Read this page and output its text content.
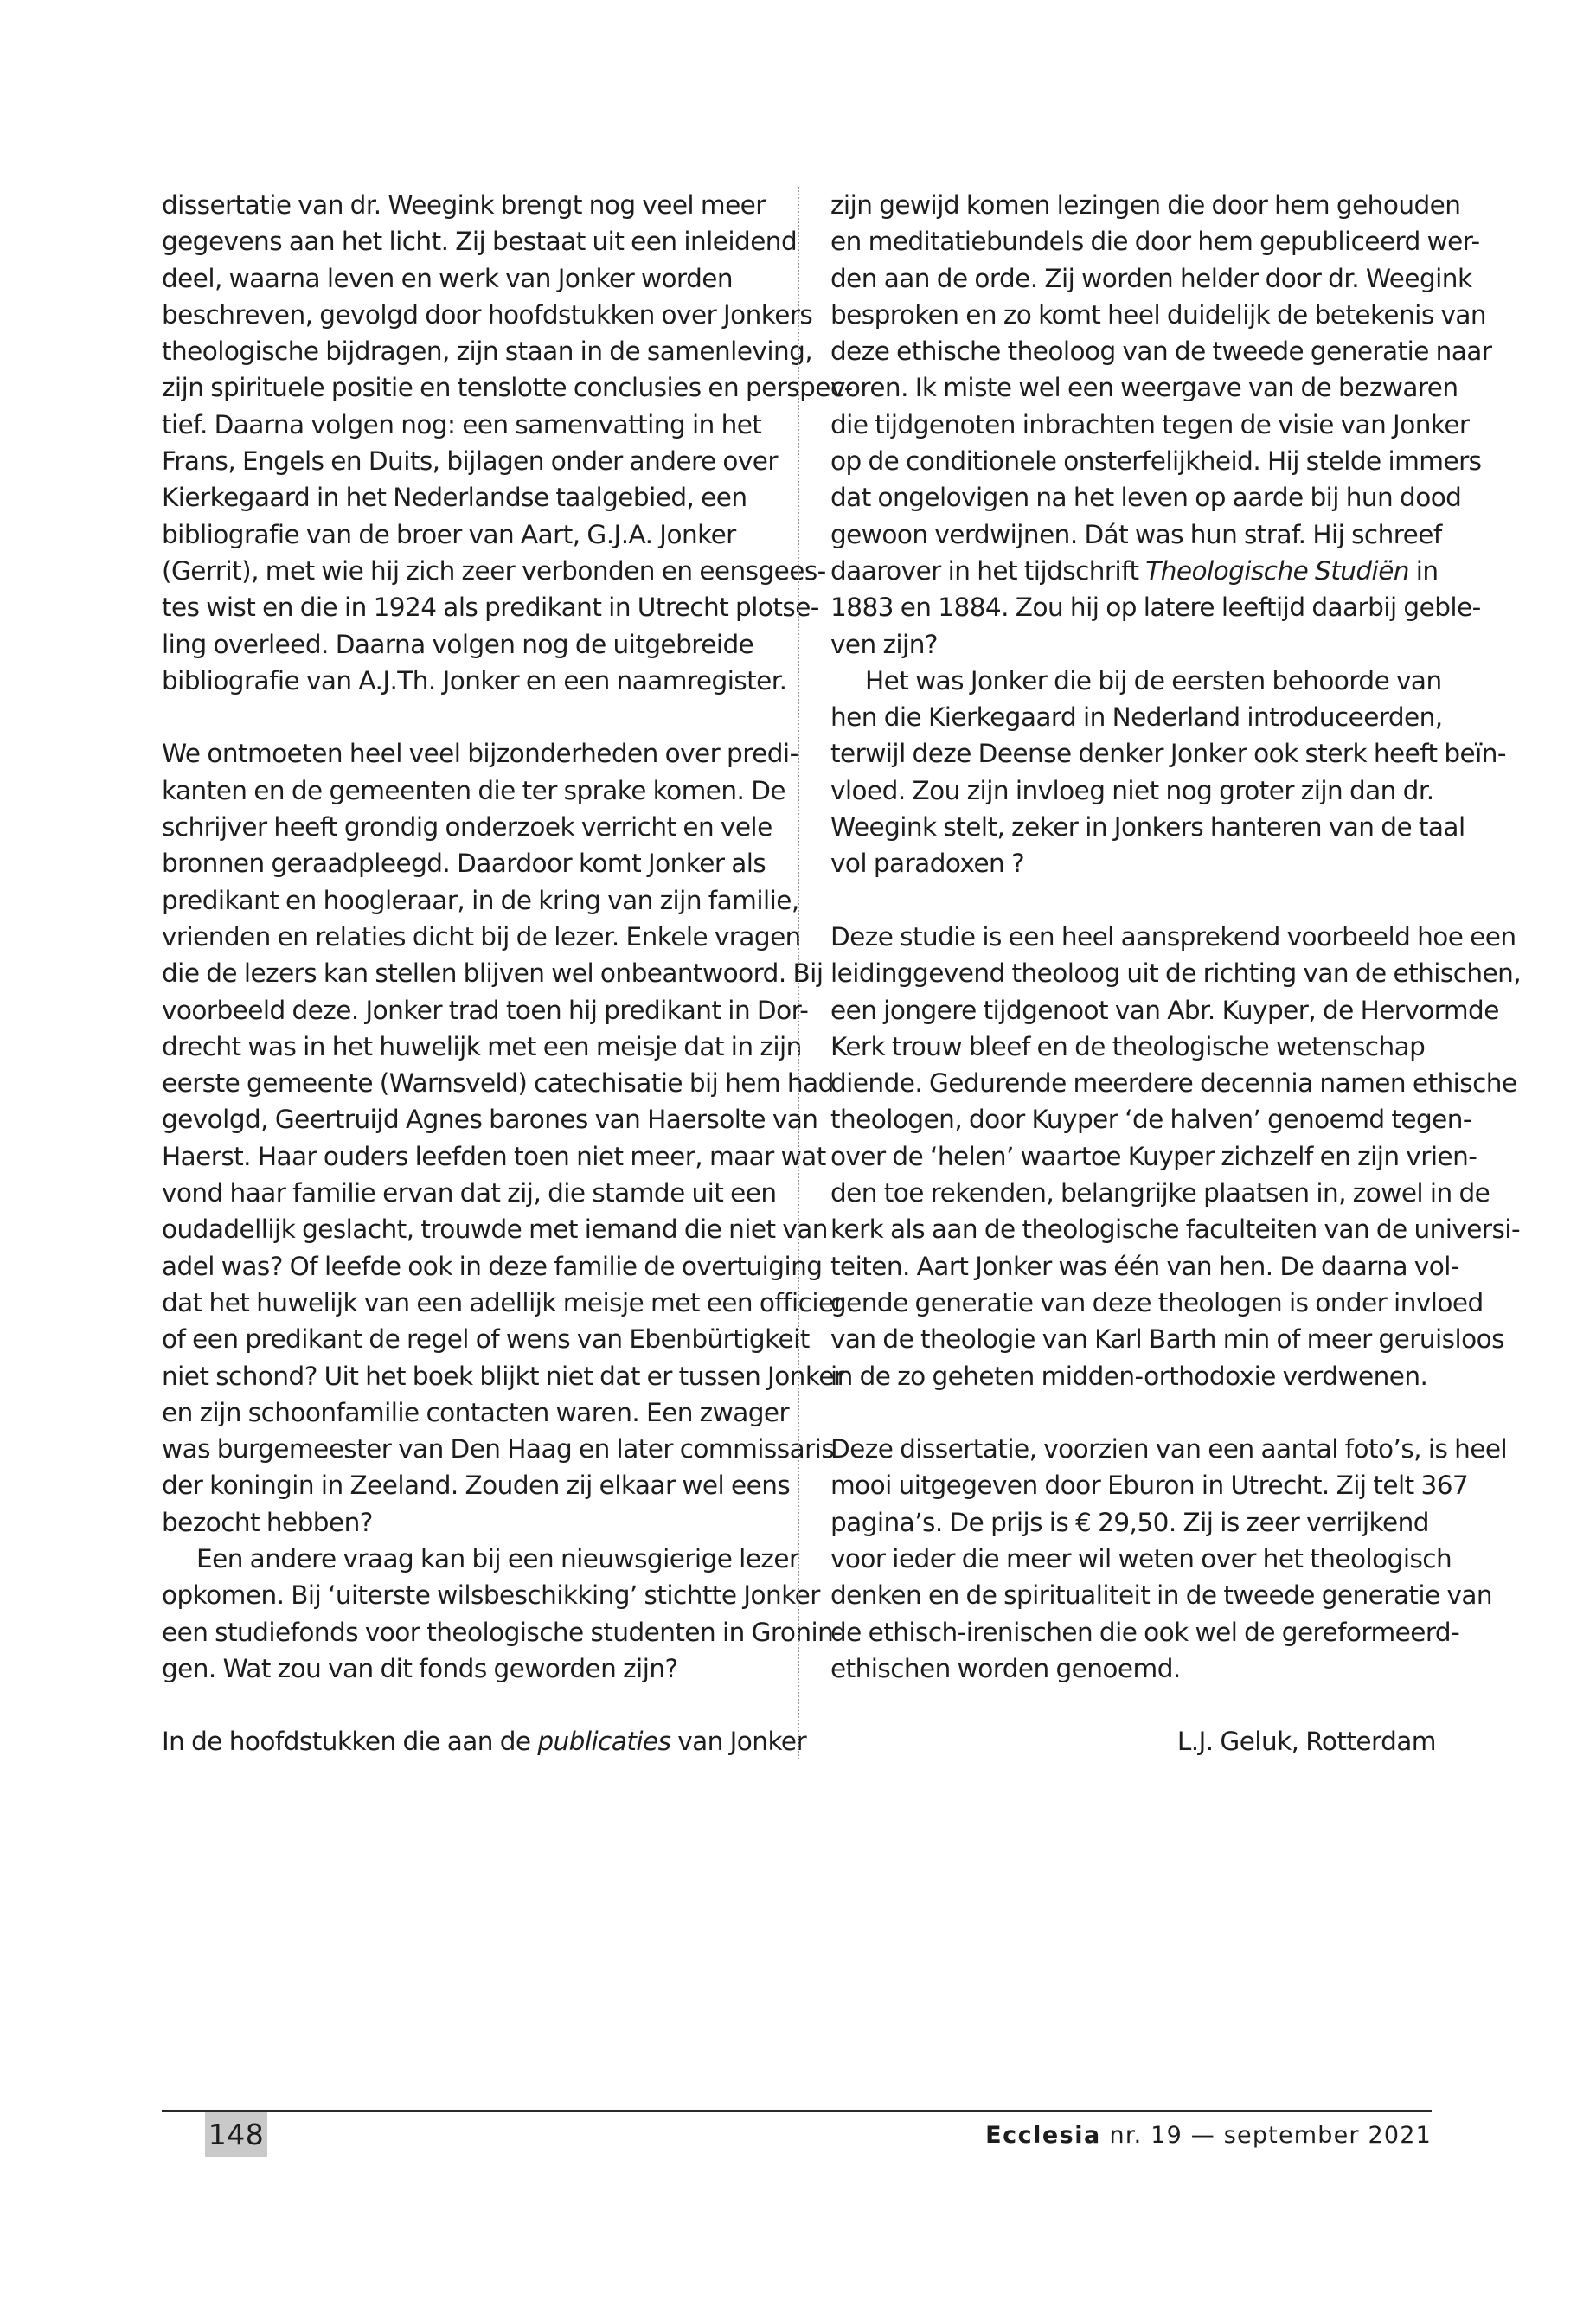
dissertatie van dr. Weegink brengt nog veel meer
gegevens aan het licht. Zij bestaat uit een inleidend
deel, waarna leven en werk van Jonker worden
beschreven, gevolgd door hoofdstukken over Jonkers
theologische bijdragen, zijn staan in de samenleving,
zijn spirituele positie en tenslotte conclusies en perspec-
tief. Daarna volgen nog: een samenvatting in het
Frans, Engels en Duits, bijlagen onder andere over
Kierkegaard in het Nederlandse taalgebied, een
bibliografie van de broer van Aart, G.J.A. Jonker
(Gerrit), met wie hij zich zeer verbonden en eensgees-
tes wist en die in 1924 als predikant in Utrecht plotse-
ling overleed. Daarna volgen nog de uitgebreide
bibliografie van A.J.Th. Jonker en een naamregister.
We ontmoeten heel veel bijzonderheden over predi-
kanten en de gemeenten die ter sprake komen. De
schrijver heeft grondig onderzoek verricht en vele
bronnen geraadpleegd. Daardoor komt Jonker als
predikant en hoogleraar, in de kring van zijn familie,
vrienden en relaties dicht bij de lezer. Enkele vragen
die de lezers kan stellen blijven wel onbeantwoord. Bij
voorbeeld deze. Jonker trad toen hij predikant in Dor-
drecht was in het huwelijk met een meisje dat in zijn
eerste gemeente (Warnsveld) catechisatie bij hem had
gevolgd, Geertruijd Agnes barones van Haersolte van
Haerst. Haar ouders leefden toen niet meer, maar wat
vond haar familie ervan dat zij, die stamde uit een
oudadellijk geslacht, trouwde met iemand die niet van
adel was? Of leefde ook in deze familie de overtuiging
dat het huwelijk van een adellijk meisje met een officier
of een predikant de regel of wens van Ebenbürtigkeit
niet schond? Uit het boek blijkt niet dat er tussen Jonker
en zijn schoonfamilie contacten waren. Een zwager
was burgemeester van Den Haag en later commissaris
der koningin in Zeeland. Zouden zij elkaar wel eens
bezocht hebben?
Een andere vraag kan bij een nieuwsgierige lezer
opkomen. Bij ‘uiterste wilsbeschikking’ stichtte Jonker
een studiefonds voor theologische studenten in Gronin-
gen. Wat zou van dit fonds geworden zijn?
In de hoofdstukken die aan de publicaties van Jonker
zijn gewijd komen lezingen die door hem gehouden
en meditatiebundels die door hem gepubliceerd wer-
den aan de orde. Zij worden helder door dr. Weegink
besproken en zo komt heel duidelijk de betekenis van
deze ethische theoloog van de tweede generatie naar
voren. Ik miste wel een weergave van de bezwaren
die tijdgenoten inbrachten tegen de visie van Jonker
op de conditionele onsterfelijkheid. Hij stelde immers
dat ongelovigen na het leven op aarde bij hun dood
gewoon verdwijnen. Dát was hun straf. Hij schreef
daarover in het tijdschrift Theologische Studiën in
1883 en 1884. Zou hij op latere leeftijd daarbij geble-
ven zijn?
Het was Jonker die bij de eersten behoorde van
hen die Kierkegaard in Nederland introduceerden,
terwijl deze Deense denker Jonker ook sterk heeft beïn-
vloed. Zou zijn invloeg niet nog groter zijn dan dr.
Weegink stelt, zeker in Jonkers hanteren van de taal
vol paradoxen ?
Deze studie is een heel aansprekend voorbeeld hoe een
leidinggevend theoloog uit de richting van de ethischen,
een jongere tijdgenoot van Abr. Kuyper, de Hervormde
Kerk trouw bleef en de theologische wetenschap
diende. Gedurende meerdere decennia namen ethische
theologen, door Kuyper ‘de halven’ genoemd tegen-
over de ‘helen’ waartoe Kuyper zichzelf en zijn vrien-
den toe rekenden, belangrijke plaatsen in, zowel in de
kerk als aan de theologische faculteiten van de universi-
teiten. Aart Jonker was één van hen. De daarna vol-
gende generatie van deze theologen is onder invloed
van de theologie van Karl Barth min of meer geruisloos
in de zo geheten midden-orthodoxie verdwenen.
Deze dissertatie, voorzien van een aantal foto’s, is heel
mooi uitgegeven door Eburon in Utrecht. Zij telt 367
pagina’s. De prijs is € 29,50. Zij is zeer verrijkend
voor ieder die meer wil weten over het theologisch
denken en de spiritualiteit in de tweede generatie van
de ethisch-irenischen die ook wel de gereformeerd-
ethischen worden genoemd.
L.J. Geluk, Rotterdam
148	Ecclesia nr. 19 — september 2021
